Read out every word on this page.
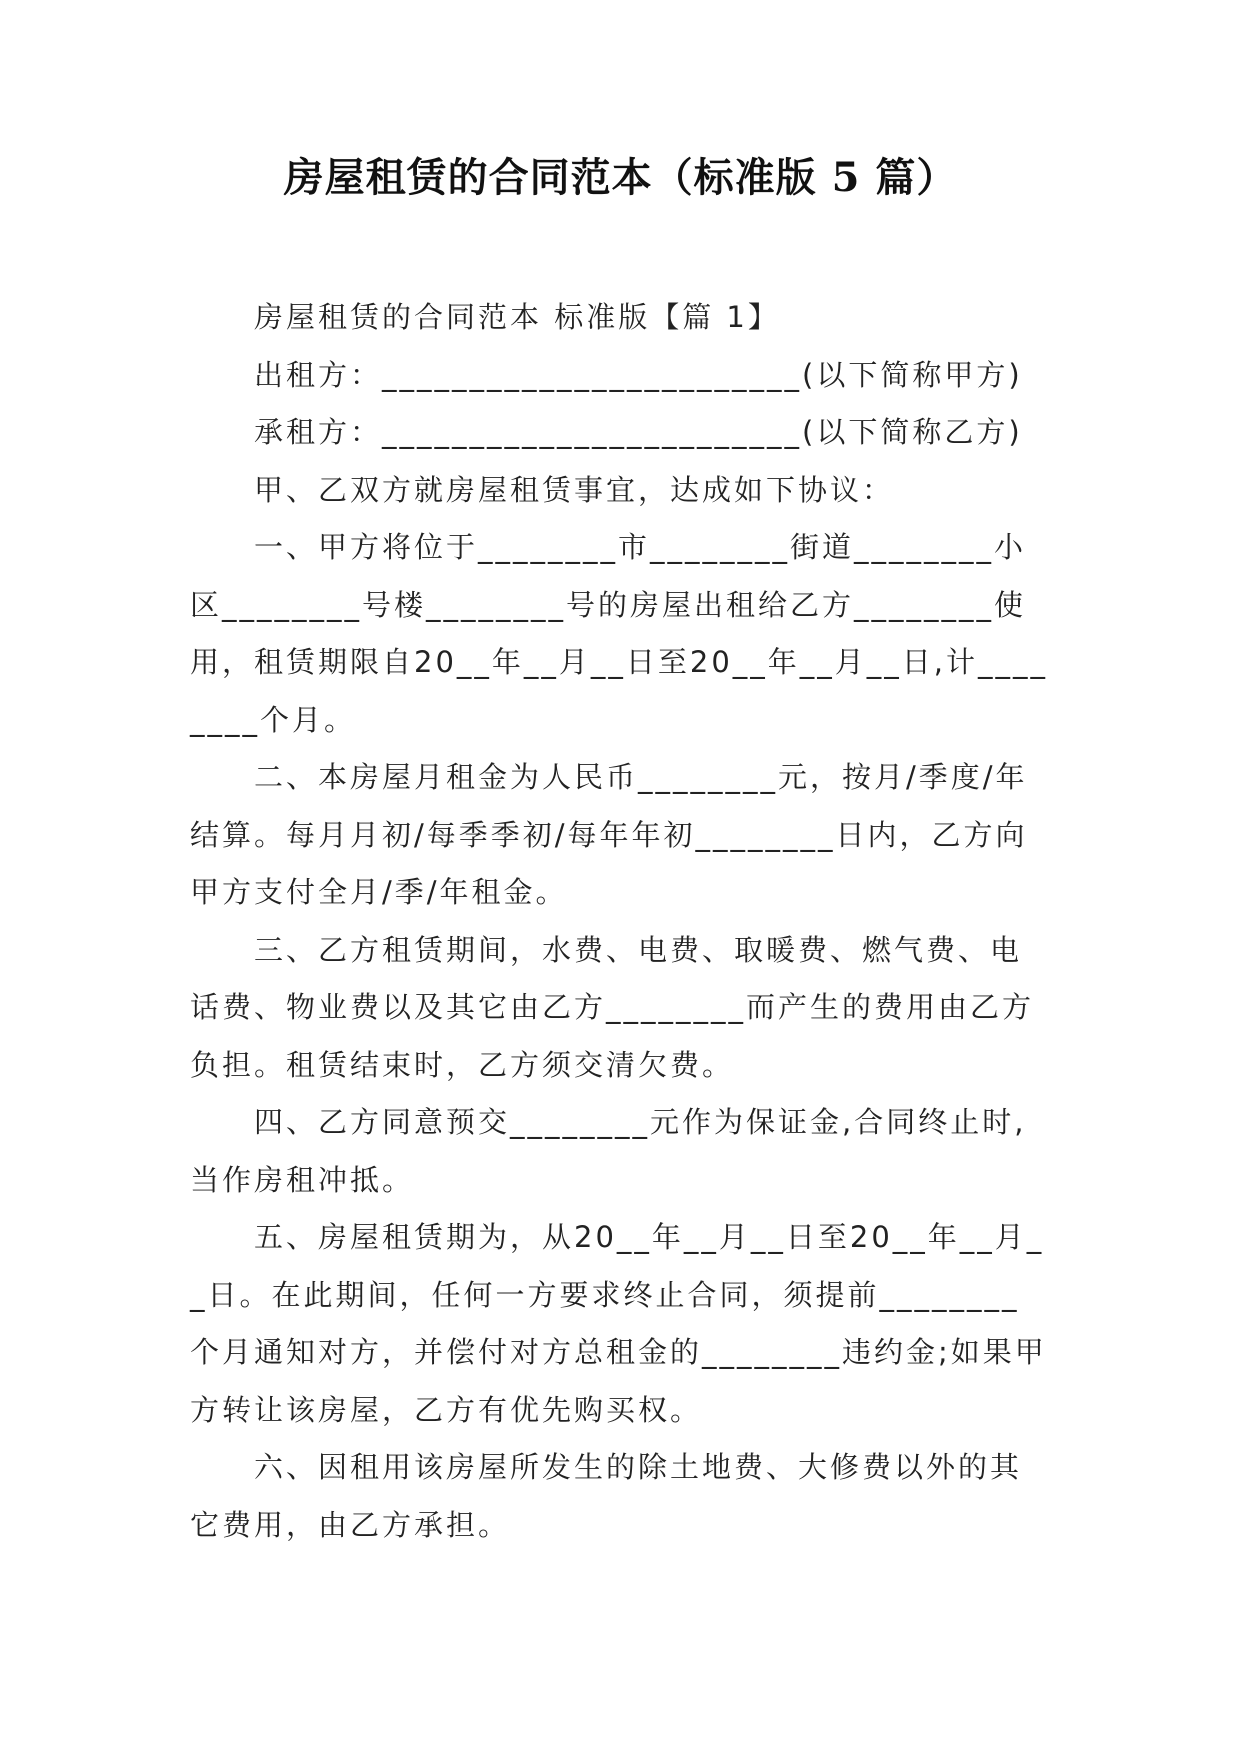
房屋租赁的合同范本（标准版 5 篇）

房屋租赁的合同范本 标准版【篇 1】

出租方：________________________(以下简称甲方)

承租方：________________________(以下简称乙方)

甲、乙双方就房屋租赁事宜，达成如下协议：

一、甲方将位于________市________街道________小区________号楼________号的房屋出租给乙方________使用，租赁期限自20__年__月__日至20__年__月__日,计________个月。

二、本房屋月租金为人民币________元，按月/季度/年结算。每月月初/每季季初/每年年初________日内，乙方向甲方支付全月/季/年租金。

三、乙方租赁期间，水费、电费、取暖费、燃气费、电话费、物业费以及其它由乙方________而产生的费用由乙方负担。租赁结束时，乙方须交清欠费。

四、乙方同意预交________元作为保证金,合同终止时,当作房租冲抵。

五、房屋租赁期为，从20__年__月__日至20__年__月__日。在此期间，任何一方要求终止合同，须提前________个月通知对方，并偿付对方总租金的________违约金;如果甲方转让该房屋，乙方有优先购买权。

六、因租用该房屋所发生的除土地费、大修费以外的其它费用，由乙方承担。
